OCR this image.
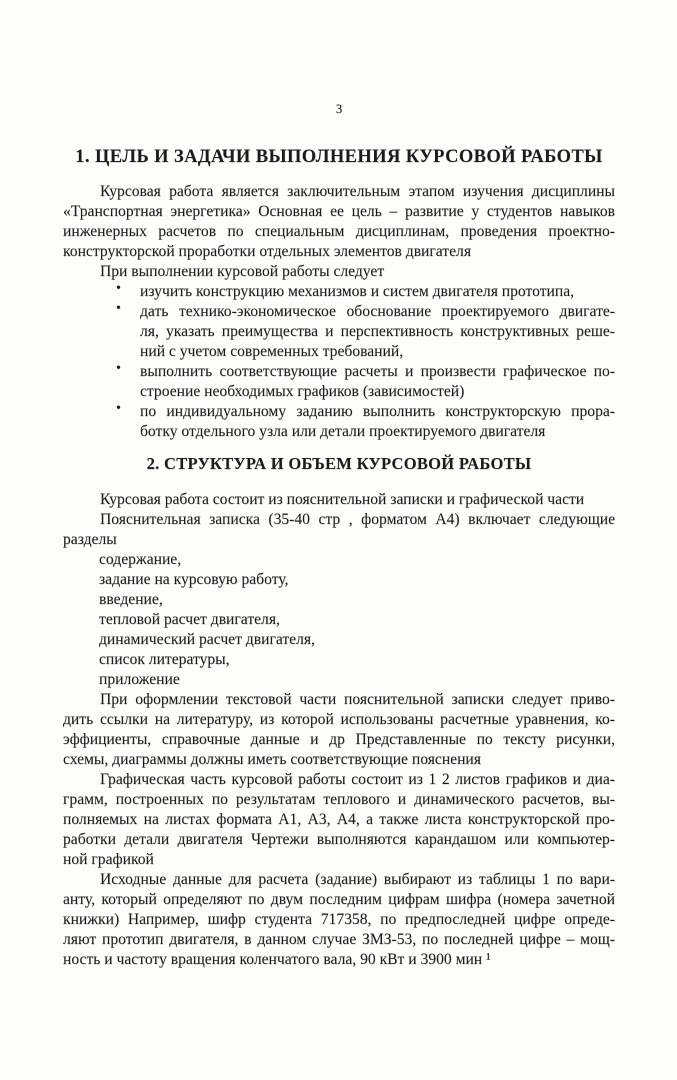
3
1. ЦЕЛЬ И ЗАДАЧИ ВЫПОЛНЕНИЯ КУРСОВОЙ РАБОТЫ
Курсовая работа является заключительным этапом изучения дисциплины
«Транспортная энергетика» Основная ее цель – развитие у студентов навыков
инженерных расчетов по специальным дисциплинам, проведения проектно-
конструкторской проработки отдельных элементов двигателя
При выполнении курсовой работы следует
• изучить конструкцию механизмов и систем двигателя прототипа,
• дать технико-экономическое обоснование проектируемого двигате-
ля, указать преимущества и перспективность конструктивных реше-
ний с учетом современных требований,
• выполнить соответствующие расчеты и произвести графическое по-
строение необходимых графиков (зависимостей)
• по индивидуальному заданию выполнить конструкторскую прора-
ботку отдельного узла или детали проектируемого двигателя
2. СТРУКТУРА И ОБЪЕМ КУРСОВОЙ РАБОТЫ
Курсовая работа состоит из пояснительной записки и графической части
Пояснительная записка (35-40 стр , форматом А4) включает следующие
разделы
содержание,
задание на курсовую работу,
введение,
тепловой расчет двигателя,
динамический расчет двигателя,
список литературы,
приложение
При оформлении текстовой части пояснительной записки следует приво-
дить ссылки на литературу, из которой использованы расчетные уравнения, ко-
эффициенты, справочные данные и др Представленные по тексту рисунки,
схемы, диаграммы должны иметь соответствующие пояснения
Графическая часть курсовой работы состоит из 1 2 листов графиков и диа-
грамм, построенных по результатам теплового и динамического расчетов, вы-
полняемых на листах формата А1, А3, А4, а также листа конструкторской про-
работки детали двигателя Чертежи выполняются карандашом или компьютер-
ной графикой
Исходные данные для расчета (задание) выбирают из таблицы 1 по вари-
анту, который определяют по двум последним цифрам шифра (номера зачетной
книжки) Например, шифр студента 717358, по предпоследней цифре опреде-
ляют прототип двигателя, в данном случае ЗМЗ-53, по последней цифре – мощ-
ность и частоту вращения коленчатого вала, 90 кВт и 3900 мин ¹
